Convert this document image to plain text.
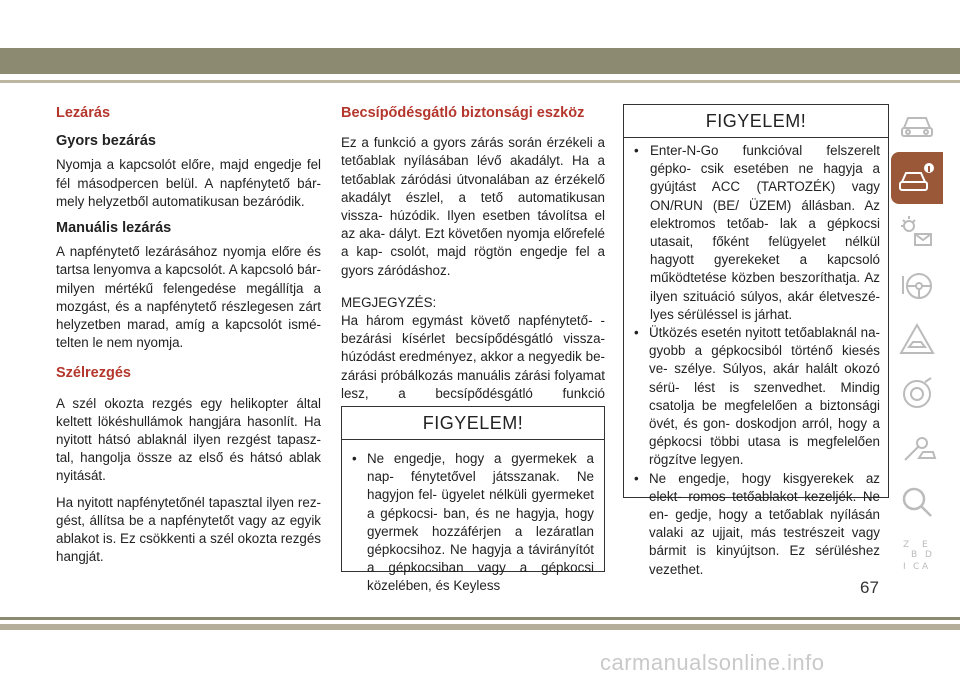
Lezárás
Gyors bezárás

Nyomja a kapcsolót előre, majd engedje fel fél másodpercen belül. A napfénytető bár- mely helyzetből automatikusan bezáródik.

Manuális lezárás

A napfénytető lezárásához nyomja előre és tartsa lenyomva a kapcsolót. A kapcsoló bár- milyen mértékű felengedése megállítja a mozgást, és a napfénytető részlegesen zárt helyzetben marad, amíg a kapcsolót ismé- telten le nem nyomja.

Szélrezgés

A szél okozta rezgés egy helikopter által keltett lökéshullámok hangjára hasonlít. Ha nyitott hátsó ablaknál ilyen rezgést tapasz- tal, hangolja össze az első és hátsó ablak nyitását.

Ha nyitott napfénytetőnél tapasztal ilyen rez- gést, állítsa be a napfénytetőt vagy az egyik ablakot is. Ez csökkenti a szél okozta rezgés hangját.

Becsípődésgátló biztonsági eszköz

Ez a funkció a gyors zárás során érzékeli a tetőablak nyílásában lévő akadályt. Ha a tetőablak záródási útvonalában az érzékelő akadályt észlel, a tető automatikusan vissza- húzódik. Ilyen esetben távolítsa el az aka- dályt. Ezt követően nyomja előrefelé a kap- csolót, majd rögtön engedje fel a gyors záródáshoz.

MEGJEGYZÉS:

Ha három egymást követő napfénytető- -bezárási kísérlet becsípődésgátló vissza- húzódást eredményez, akkor a negyedik be- zárási próbálkozás manuális zárási folyamat lesz, a becsípődésgátló funkció

FIGYELEM!
• Ne engedje, hogy a gyermekek a nap- fénytetővel játsszanak. Ne hagyjon fel- ügyelet nélküli gyermeket a gépkocsi- ban, és ne hagyja, hogy gyermek hozzáférjen a lezáratlan gépkocsihoz. Ne hagyja a távirányítót a gépkocsiban vagy a gépkocsi közelében, és Keyless
FIGYELEM!
• Enter-N-Go funkcióval felszerelt gépko- csik esetében ne hagyja a gyújtást ACC (TARTOZÉK) vagy ON/RUN (BE/ ÜZEM) állásban. Az elektromos tetőab- lak a gépkocsi utasait, főként felügyelet nélkül hagyott gyerekeket a kapcsoló működtetése közben beszoríthatja. Az ilyen szituáció súlyos, akár életveszé- lyes sérüléssel is járhat.
• Ütközés esetén nyitott tetőablaknál na- gyobb a gépkocsiból történő kiesés ve- szélye. Súlyos, akár halált okozó sérü- lést is szenvedhet. Mindig csatolja be megfelelően a biztonsági övét, és gon- doskodjon arról, hogy a gépkocsi többi utasa is megfelelően rögzítve legyen.
• Ne engedje, hogy kisgyerekek az elekt- romos tetőablakot kezeljék. Ne en- gedje, hogy a tetőablak nyílásán valaki az ujjait, más testrészeit vagy bármit is kinyújtson. Ez sérüléshez vezethet.
Z E
B D
I C A
67
carmanualsonline.info
